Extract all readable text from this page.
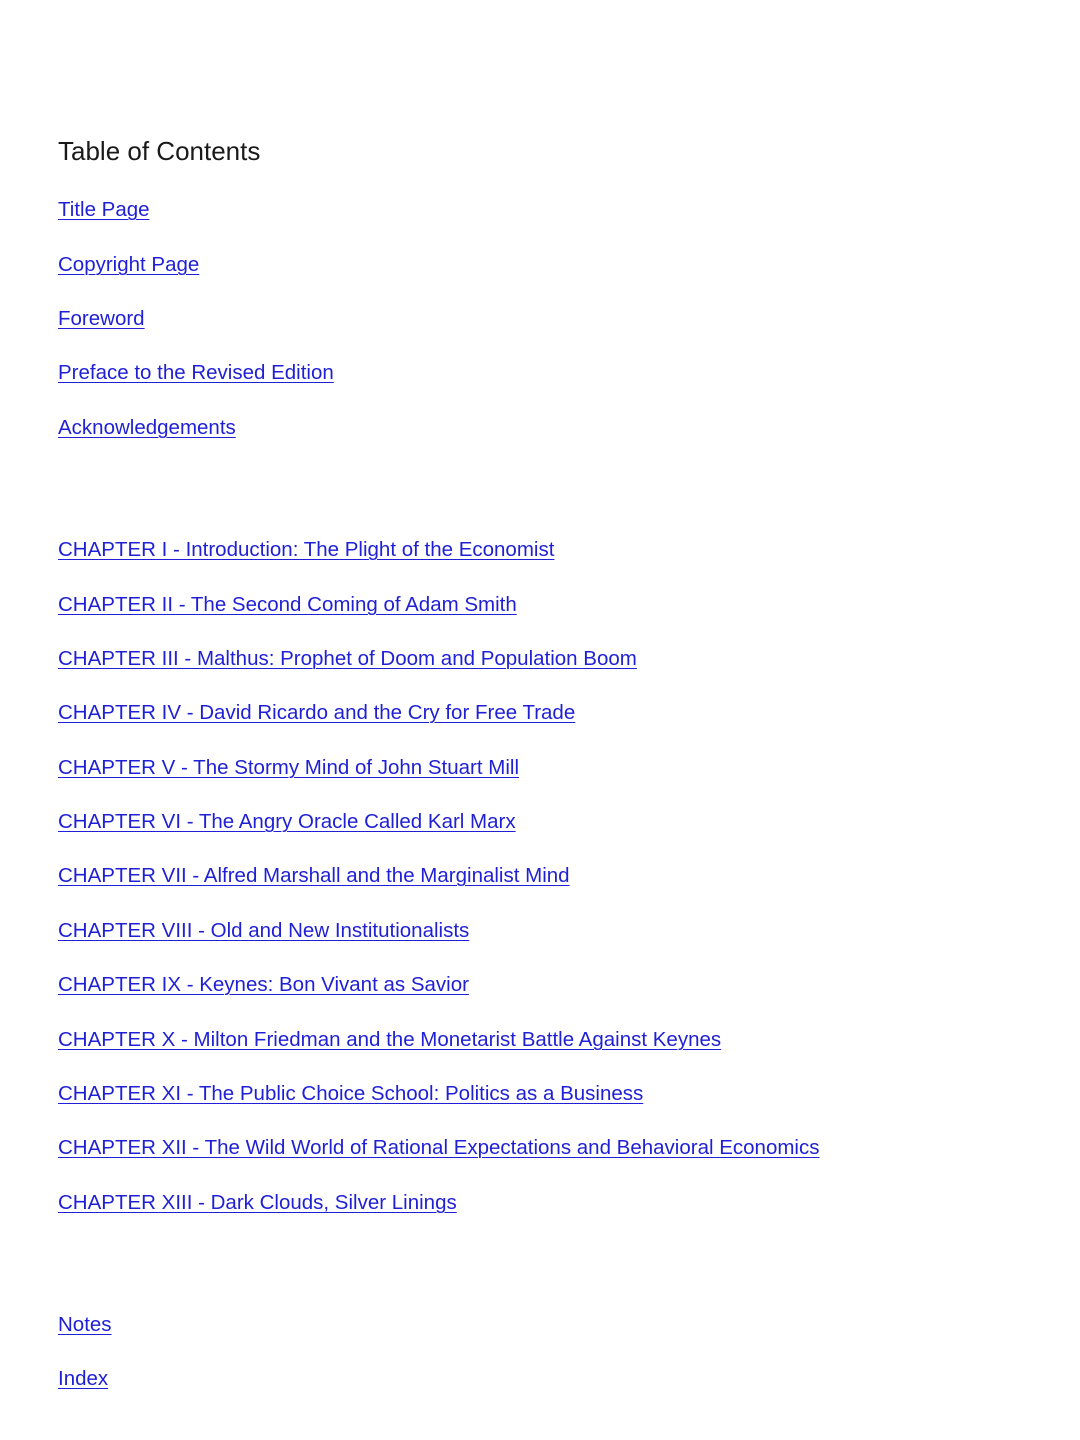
Table of Contents
Title Page
Copyright Page
Foreword
Preface to the Revised Edition
Acknowledgements
CHAPTER I - Introduction: The Plight of the Economist
CHAPTER II - The Second Coming of Adam Smith
CHAPTER III - Malthus: Prophet of Doom and Population Boom
CHAPTER IV - David Ricardo and the Cry for Free Trade
CHAPTER V - The Stormy Mind of John Stuart Mill
CHAPTER VI - The Angry Oracle Called Karl Marx
CHAPTER VII - Alfred Marshall and the Marginalist Mind
CHAPTER VIII - Old and New Institutionalists
CHAPTER IX - Keynes: Bon Vivant as Savior
CHAPTER X - Milton Friedman and the Monetarist Battle Against Keynes
CHAPTER XI - The Public Choice School: Politics as a Business
CHAPTER XII - The Wild World of Rational Expectations and Behavioral Economics
CHAPTER XIII - Dark Clouds, Silver Linings
Notes
Index
